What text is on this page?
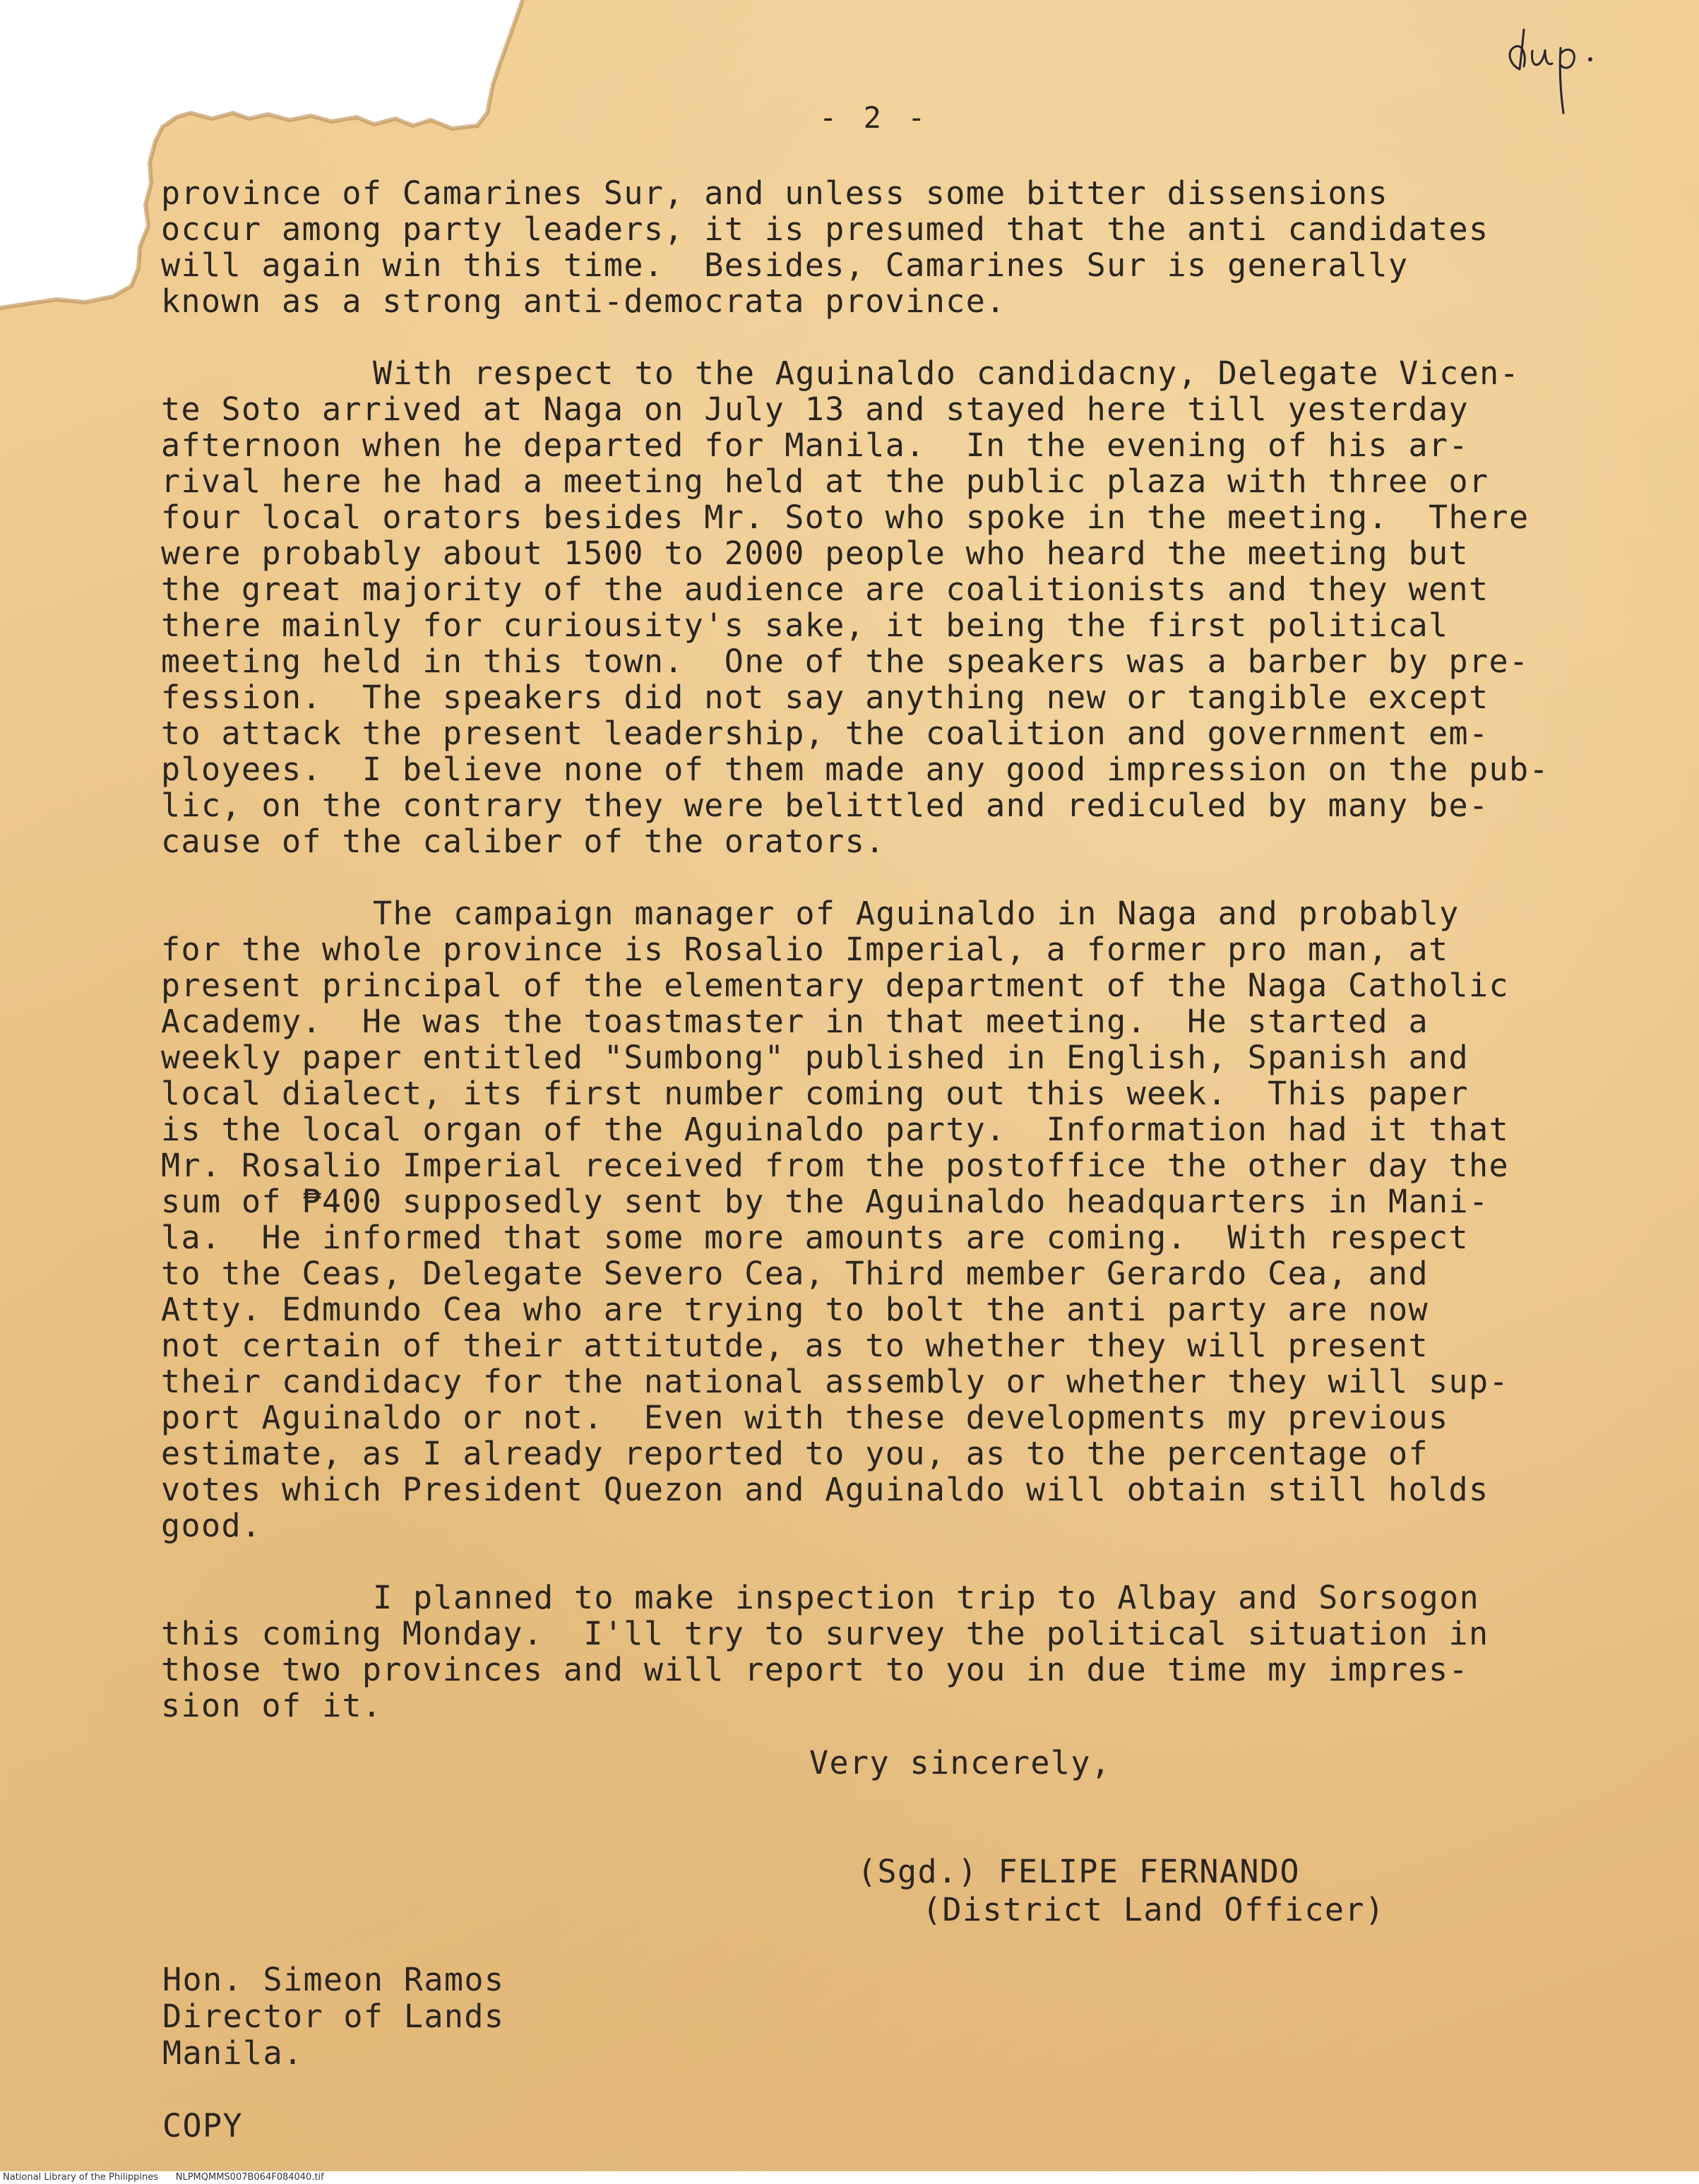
- 2 -

province of Camarines Sur, and unless some bitter dissensions
occur among party leaders, it is presumed that the anti candidates
will again win this time.  Besides, Camarines Sur is generally
known as a strong anti-democrata province.

With respect to the Aguinaldo candidacny, Delegate Vicen-
te Soto arrived at Naga on July 13 and stayed here till yesterday
afternoon when he departed for Manila.  In the evening of his ar-
rival here he had a meeting held at the public plaza with three or
four local orators besides Mr. Soto who spoke in the meeting.  There
were probably about 1500 to 2000 people who heard the meeting but
the great majority of the audience are coalitionists and they went
there mainly for curiousity's sake, it being the first political
meeting held in this town.  One of the speakers was a barber by pre-
fession.  The speakers did not say anything new or tangible except
to attack the present leadership, the coalition and government em-
ployees.  I believe none of them made any good impression on the pub-
lic, on the contrary they were belittled and rediculed by many be-
cause of the caliber of the orators.

The campaign manager of Aguinaldo in Naga and probably
for the whole province is Rosalio Imperial, a former pro man, at
present principal of the elementary department of the Naga Catholic
Academy.  He was the toastmaster in that meeting.  He started a
weekly paper entitled "Sumbong" published in English, Spanish and
local dialect, its first number coming out this week.  This paper
is the local organ of the Aguinaldo party.  Information had it that
Mr. Rosalio Imperial received from the postoffice the other day the
sum of ₱400 supposedly sent by the Aguinaldo headquarters in Mani-
la.  He informed that some more amounts are coming.  With respect
to the Ceas, Delegate Severo Cea, Third member Gerardo Cea, and
Atty. Edmundo Cea who are trying to bolt the anti party are now
not certain of their attitutde, as to whether they will present
their candidacy for the national assembly or whether they will sup-
port Aguinaldo or not.  Even with these developments my previous
estimate, as I already reported to you, as to the percentage of
votes which President Quezon and Aguinaldo will obtain still holds
good.

I planned to make inspection trip to Albay and Sorsogon
this coming Monday.  I'll try to survey the political situation in
those two provinces and will report to you in due time my impres-
sion of it.

Very sincerely,
(Sgd.) FELIPE FERNANDO
(District Land Officer)
Hon. Simeon Ramos
Director of Lands
Manila.
COPY
National Library of the Philippines NLPMQMMS007B064F084040.tif
